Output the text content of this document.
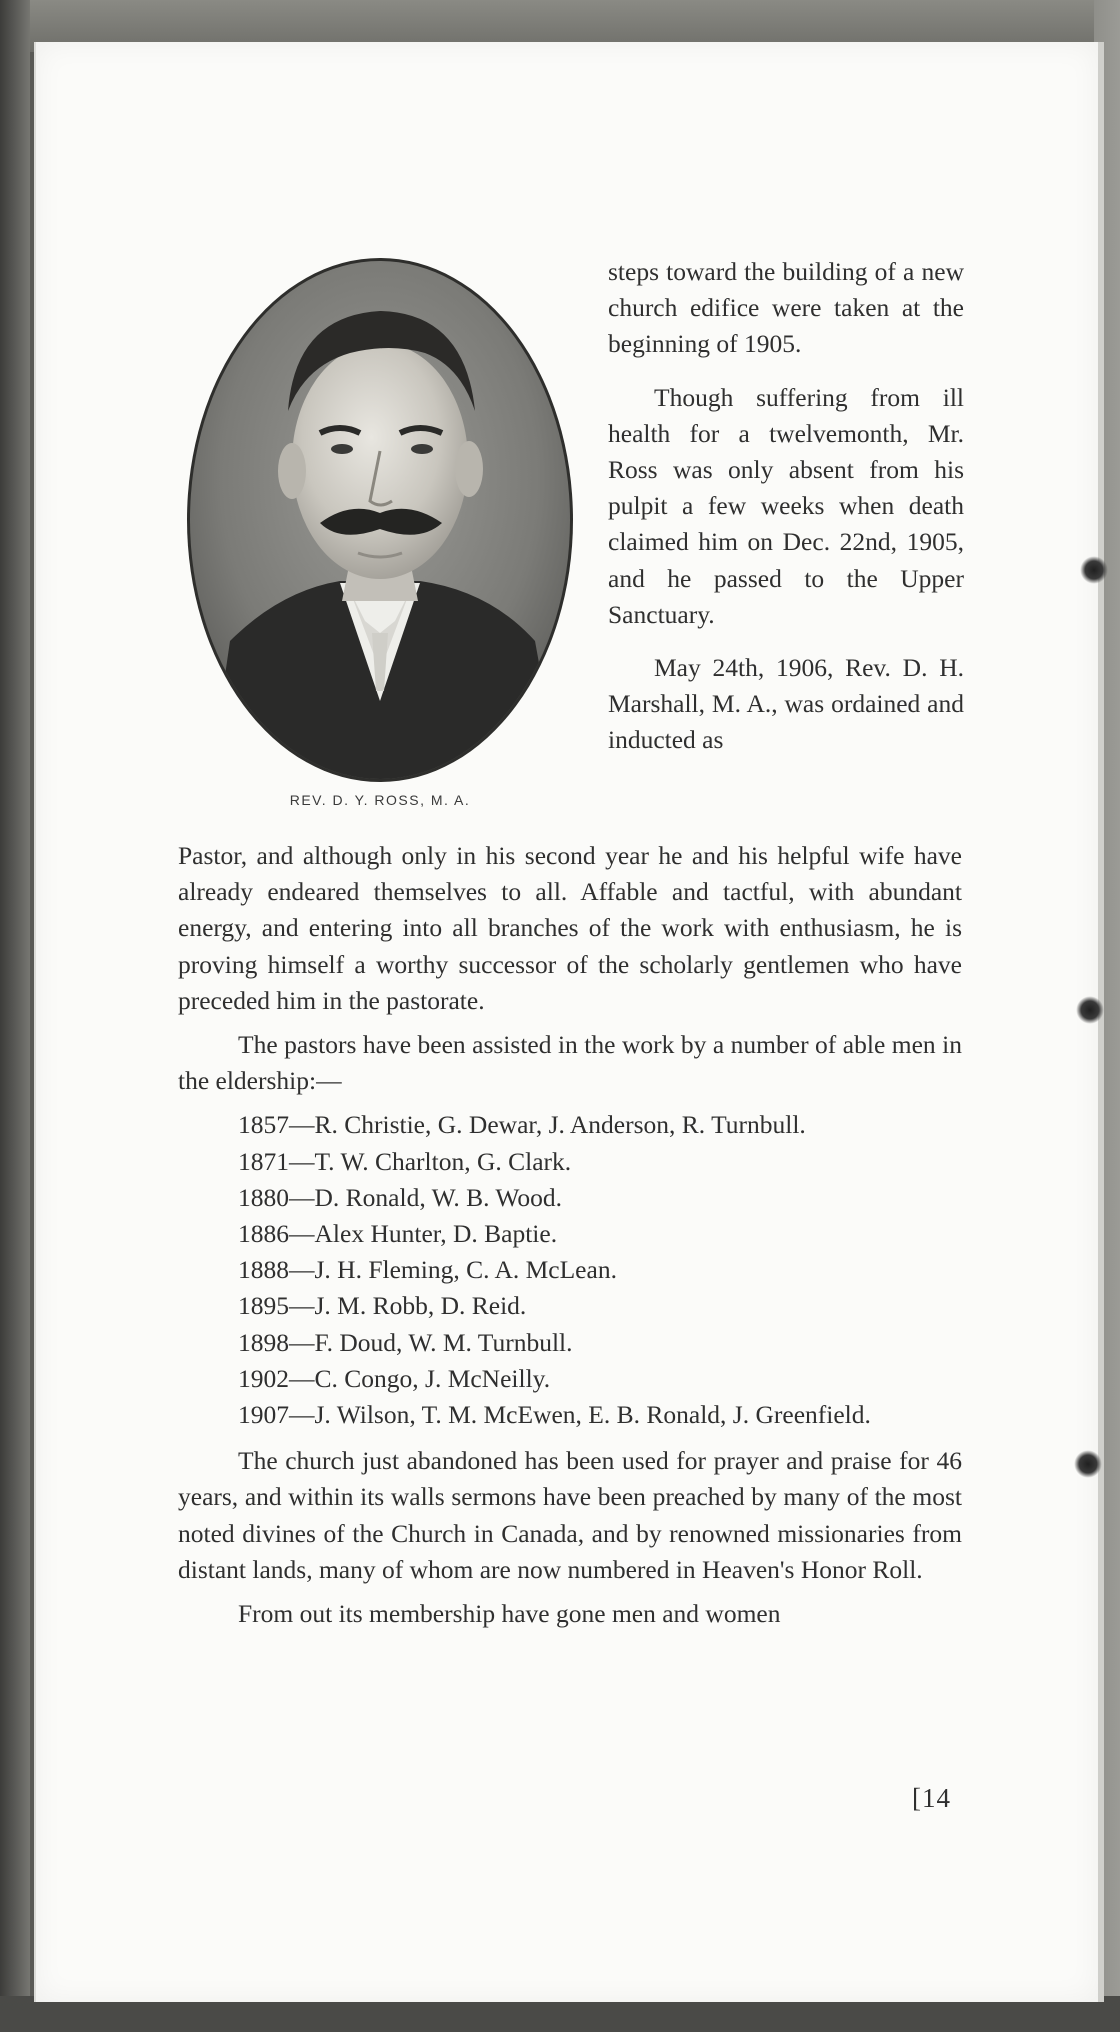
REV. D. Y. ROSS, M. A.

steps toward the building of a new church edifice were taken at the beginning of 1905.

Though suffering from ill health for a twelvemonth, Mr. Ross was only absent from his pulpit a few weeks when death claimed him on Dec. 22nd, 1905, and he passed to the Upper Sanctuary.

May 24th, 1906, Rev. D. H. Marshall, M. A., was ordained and inducted as

Pastor, and although only in his second year he and his helpful wife have already endeared themselves to all. Affable and tactful, with abundant energy, and entering into all branches of the work with enthusiasm, he is proving himself a worthy successor of the scholarly gentlemen who have preceded him in the pastorate.

The pastors have been assisted in the work by a number of able men in the eldership:—

1857—R. Christie, G. Dewar, J. Anderson, R. Turnbull.
1871—T. W. Charlton, G. Clark.
1880—D. Ronald, W. B. Wood.
1886—Alex Hunter, D. Baptie.
1888—J. H. Fleming, C. A. McLean.
1895—J. M. Robb, D. Reid.
1898—F. Doud, W. M. Turnbull.
1902—C. Congo, J. McNeilly.
1907—J. Wilson, T. M. McEwen, E. B. Ronald, J. Greenfield.

The church just abandoned has been used for prayer and praise for 46 years, and within its walls sermons have been preached by many of the most noted divines of the Church in Canada, and by renowned missionaries from distant lands, many of whom are now numbered in Heaven's Honor Roll.

From out its membership have gone men and women

[14
